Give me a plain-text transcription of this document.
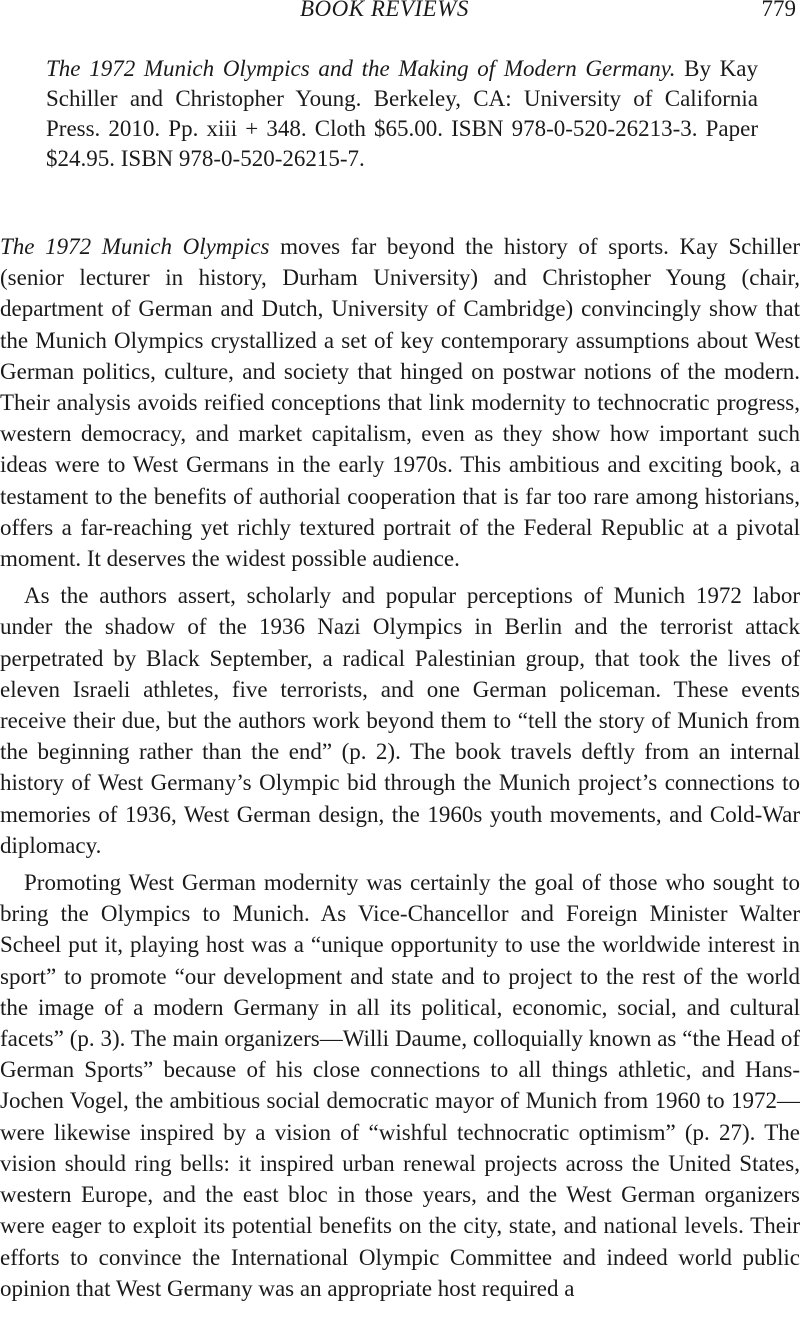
BOOK REVIEWS	779
The 1972 Munich Olympics and the Making of Modern Germany. By Kay Schiller and Christopher Young. Berkeley, CA: University of California Press. 2010. Pp. xiii + 348. Cloth $65.00. ISBN 978-0-520-26213-3. Paper $24.95. ISBN 978-0-520-26215-7.

The 1972 Munich Olympics moves far beyond the history of sports. Kay Schiller (senior lecturer in history, Durham University) and Christopher Young (chair, department of German and Dutch, University of Cambridge) convincingly show that the Munich Olympics crystallized a set of key contemporary assumptions about West German politics, culture, and society that hinged on postwar notions of the modern. Their analysis avoids reified conceptions that link modernity to technocratic progress, western democracy, and market capitalism, even as they show how important such ideas were to West Germans in the early 1970s. This ambitious and exciting book, a testament to the benefits of authorial cooperation that is far too rare among historians, offers a far-reaching yet richly textured portrait of the Federal Republic at a pivotal moment. It deserves the widest possible audience.

As the authors assert, scholarly and popular perceptions of Munich 1972 labor under the shadow of the 1936 Nazi Olympics in Berlin and the terrorist attack perpetrated by Black September, a radical Palestinian group, that took the lives of eleven Israeli athletes, five terrorists, and one German policeman. These events receive their due, but the authors work beyond them to “tell the story of Munich from the beginning rather than the end” (p. 2). The book travels deftly from an internal history of West Germany’s Olympic bid through the Munich project’s connections to memories of 1936, West German design, the 1960s youth movements, and Cold-War diplomacy.

Promoting West German modernity was certainly the goal of those who sought to bring the Olympics to Munich. As Vice-Chancellor and Foreign Minister Walter Scheel put it, playing host was a “unique opportunity to use the worldwide interest in sport” to promote “our development and state and to project to the rest of the world the image of a modern Germany in all its political, economic, social, and cultural facets” (p. 3). The main organizers—Willi Daume, colloquially known as “the Head of German Sports” because of his close connections to all things athletic, and Hans-Jochen Vogel, the ambitious social democratic mayor of Munich from 1960 to 1972—were likewise inspired by a vision of “wishful technocratic optimism” (p. 27). The vision should ring bells: it inspired urban renewal projects across the United States, western Europe, and the east bloc in those years, and the West German organizers were eager to exploit its potential benefits on the city, state, and national levels. Their efforts to convince the International Olympic Committee and indeed world public opinion that West Germany was an appropriate host required a
